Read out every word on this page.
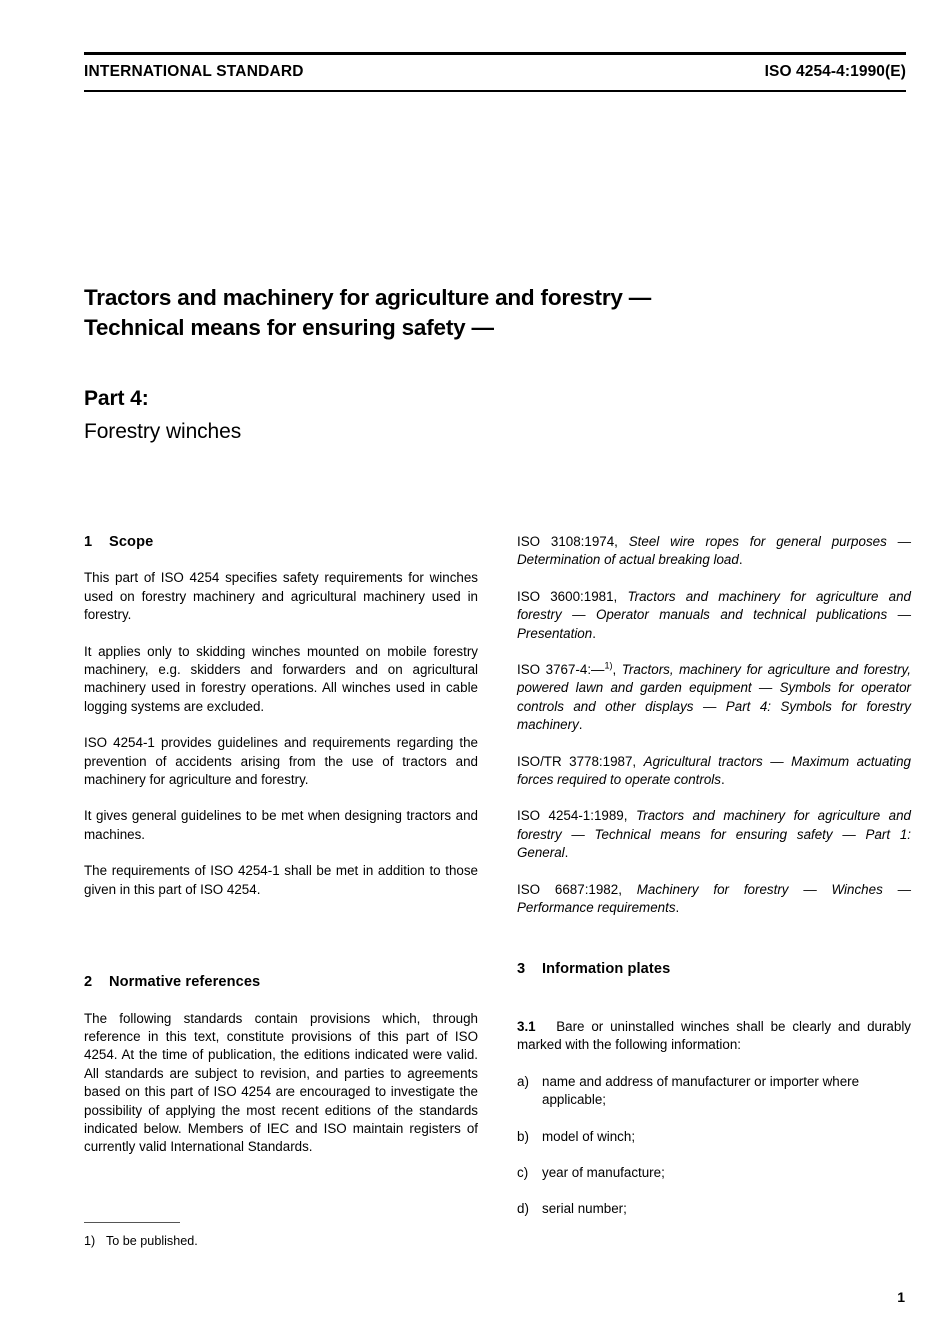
INTERNATIONAL STANDARD	ISO 4254-4:1990(E)
Tractors and machinery for agriculture and forestry —
Technical means for ensuring safety —
Part 4:
Forestry winches
1 Scope

This part of ISO 4254 specifies safety requirements for winches used on forestry machinery and agricultural machinery used in forestry.

It applies only to skidding winches mounted on mobile forestry machinery, e.g. skidders and forwarders and on agricultural machinery used in forestry operations. All winches used in cable logging systems are excluded.

ISO 4254-1 provides guidelines and requirements regarding the prevention of accidents arising from the use of tractors and machinery for agriculture and forestry.

It gives general guidelines to be met when designing tractors and machines.

The requirements of ISO 4254-1 shall be met in addition to those given in this part of ISO 4254.

2 Normative references

The following standards contain provisions which, through reference in this text, constitute provisions of this part of ISO 4254. At the time of publication, the editions indicated were valid. All standards are subject to revision, and parties to agreements based on this part of ISO 4254 are encouraged to investigate the possibility of applying the most recent editions of the standards indicated below. Members of IEC and ISO maintain registers of currently valid International Standards.

ISO 3108:1974, Steel wire ropes for general purposes — Determination of actual breaking load.

ISO 3600:1981, Tractors and machinery for agriculture and forestry — Operator manuals and technical publications — Presentation.

ISO 3767-4:—$^{1)}$, Tractors, machinery for agriculture and forestry, powered lawn and garden equipment — Symbols for operator controls and other displays — Part 4: Symbols for forestry machinery.

ISO/TR 3778:1987, Agricultural tractors — Maximum actuating forces required to operate controls.

ISO 4254-1:1989, Tractors and machinery for agriculture and forestry — Technical means for ensuring safety — Part 1: General.

ISO 6687:1982, Machinery for forestry — Winches — Performance requirements.

3 Information plates

3.1 Bare or uninstalled winches shall be clearly and durably marked with the following information:

a) name and address of manufacturer or importer where applicable;
b) model of winch;
c)	year of manufacture;
d) serial number;

1) To be published.

1
